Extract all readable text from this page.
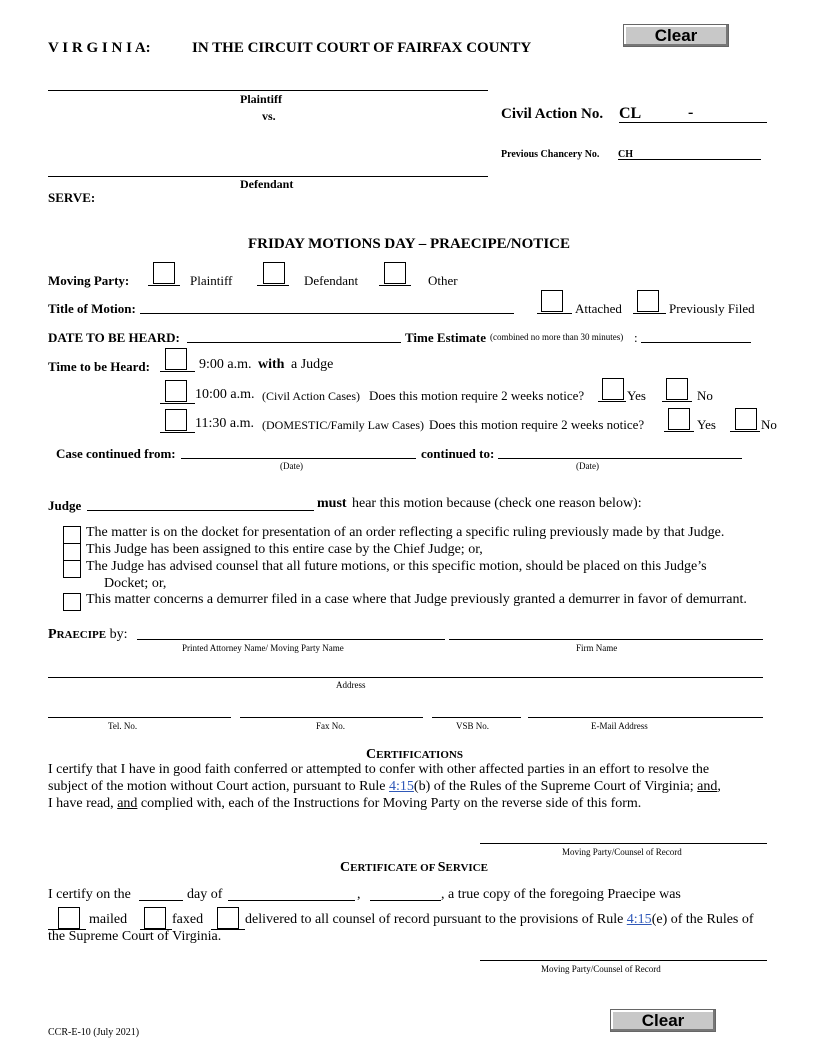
V I R G I N I A:	IN THE CIRCUIT COURT OF FAIRFAX COUNTY
Clear
Plaintiff
vs.
Defendant
SERVE:
Civil Action No. CL	-
Previous Chancery No. CH
FRIDAY MOTIONS DAY – PRAECIPE/NOTICE
Moving Party:	Plaintiff	Defendant	Other
Title of Motion:	Attached	Previously Filed
DATE TO BE HEARD:	Time Estimate (combined no more than 30 minutes) :
Time to be Heard:	9:00 a.m. with a Judge
10:00 a.m. (Civil Action Cases) Does this motion require 2 weeks notice?	Yes	No
11:30 a.m. (DOMESTIC/Family Law Cases) Does this motion require 2 weeks notice?	Yes	No
Case continued from:
(Date)
continued to:
(Date)
Judge	must hear this motion because (check one reason below):
The matter is on the docket for presentation of an order reflecting a specific ruling previously made by that Judge.
This Judge has been assigned to this entire case by the Chief Judge; or,
The Judge has advised counsel that all future motions, or this specific motion, should be placed on this Judge’s
Docket; or,
This matter concerns a demurrer filed in a case where that Judge previously granted a demurrer in favor of demurrant.
PRAECIPE by:
Printed Attorney Name/ Moving Party Name	Firm Name
Address
Tel. No.	Fax No.	VSB No.	E-Mail Address
CERTIFICATIONS
I certify that I have in good faith conferred or attempted to confer with other affected parties in an effort to resolve the
subject of the motion without Court action, pursuant to Rule 4:15(b) of the Rules of the Supreme Court of Virginia; and,
I have read, and complied with, each of the Instructions for Moving Party on the reverse side of this form.
Moving Party/Counsel of Record
CERTIFICATE OF SERVICE
I certify on the	day of	,	, a true copy of the foregoing Praecipe was
mailed	faxed	delivered to all counsel of record pursuant to the provisions of Rule 4:15(e) of the Rules of
the Supreme Court of Virginia.
Moving Party/Counsel of Record
CCR-E-10 (July 2021)
Clear
